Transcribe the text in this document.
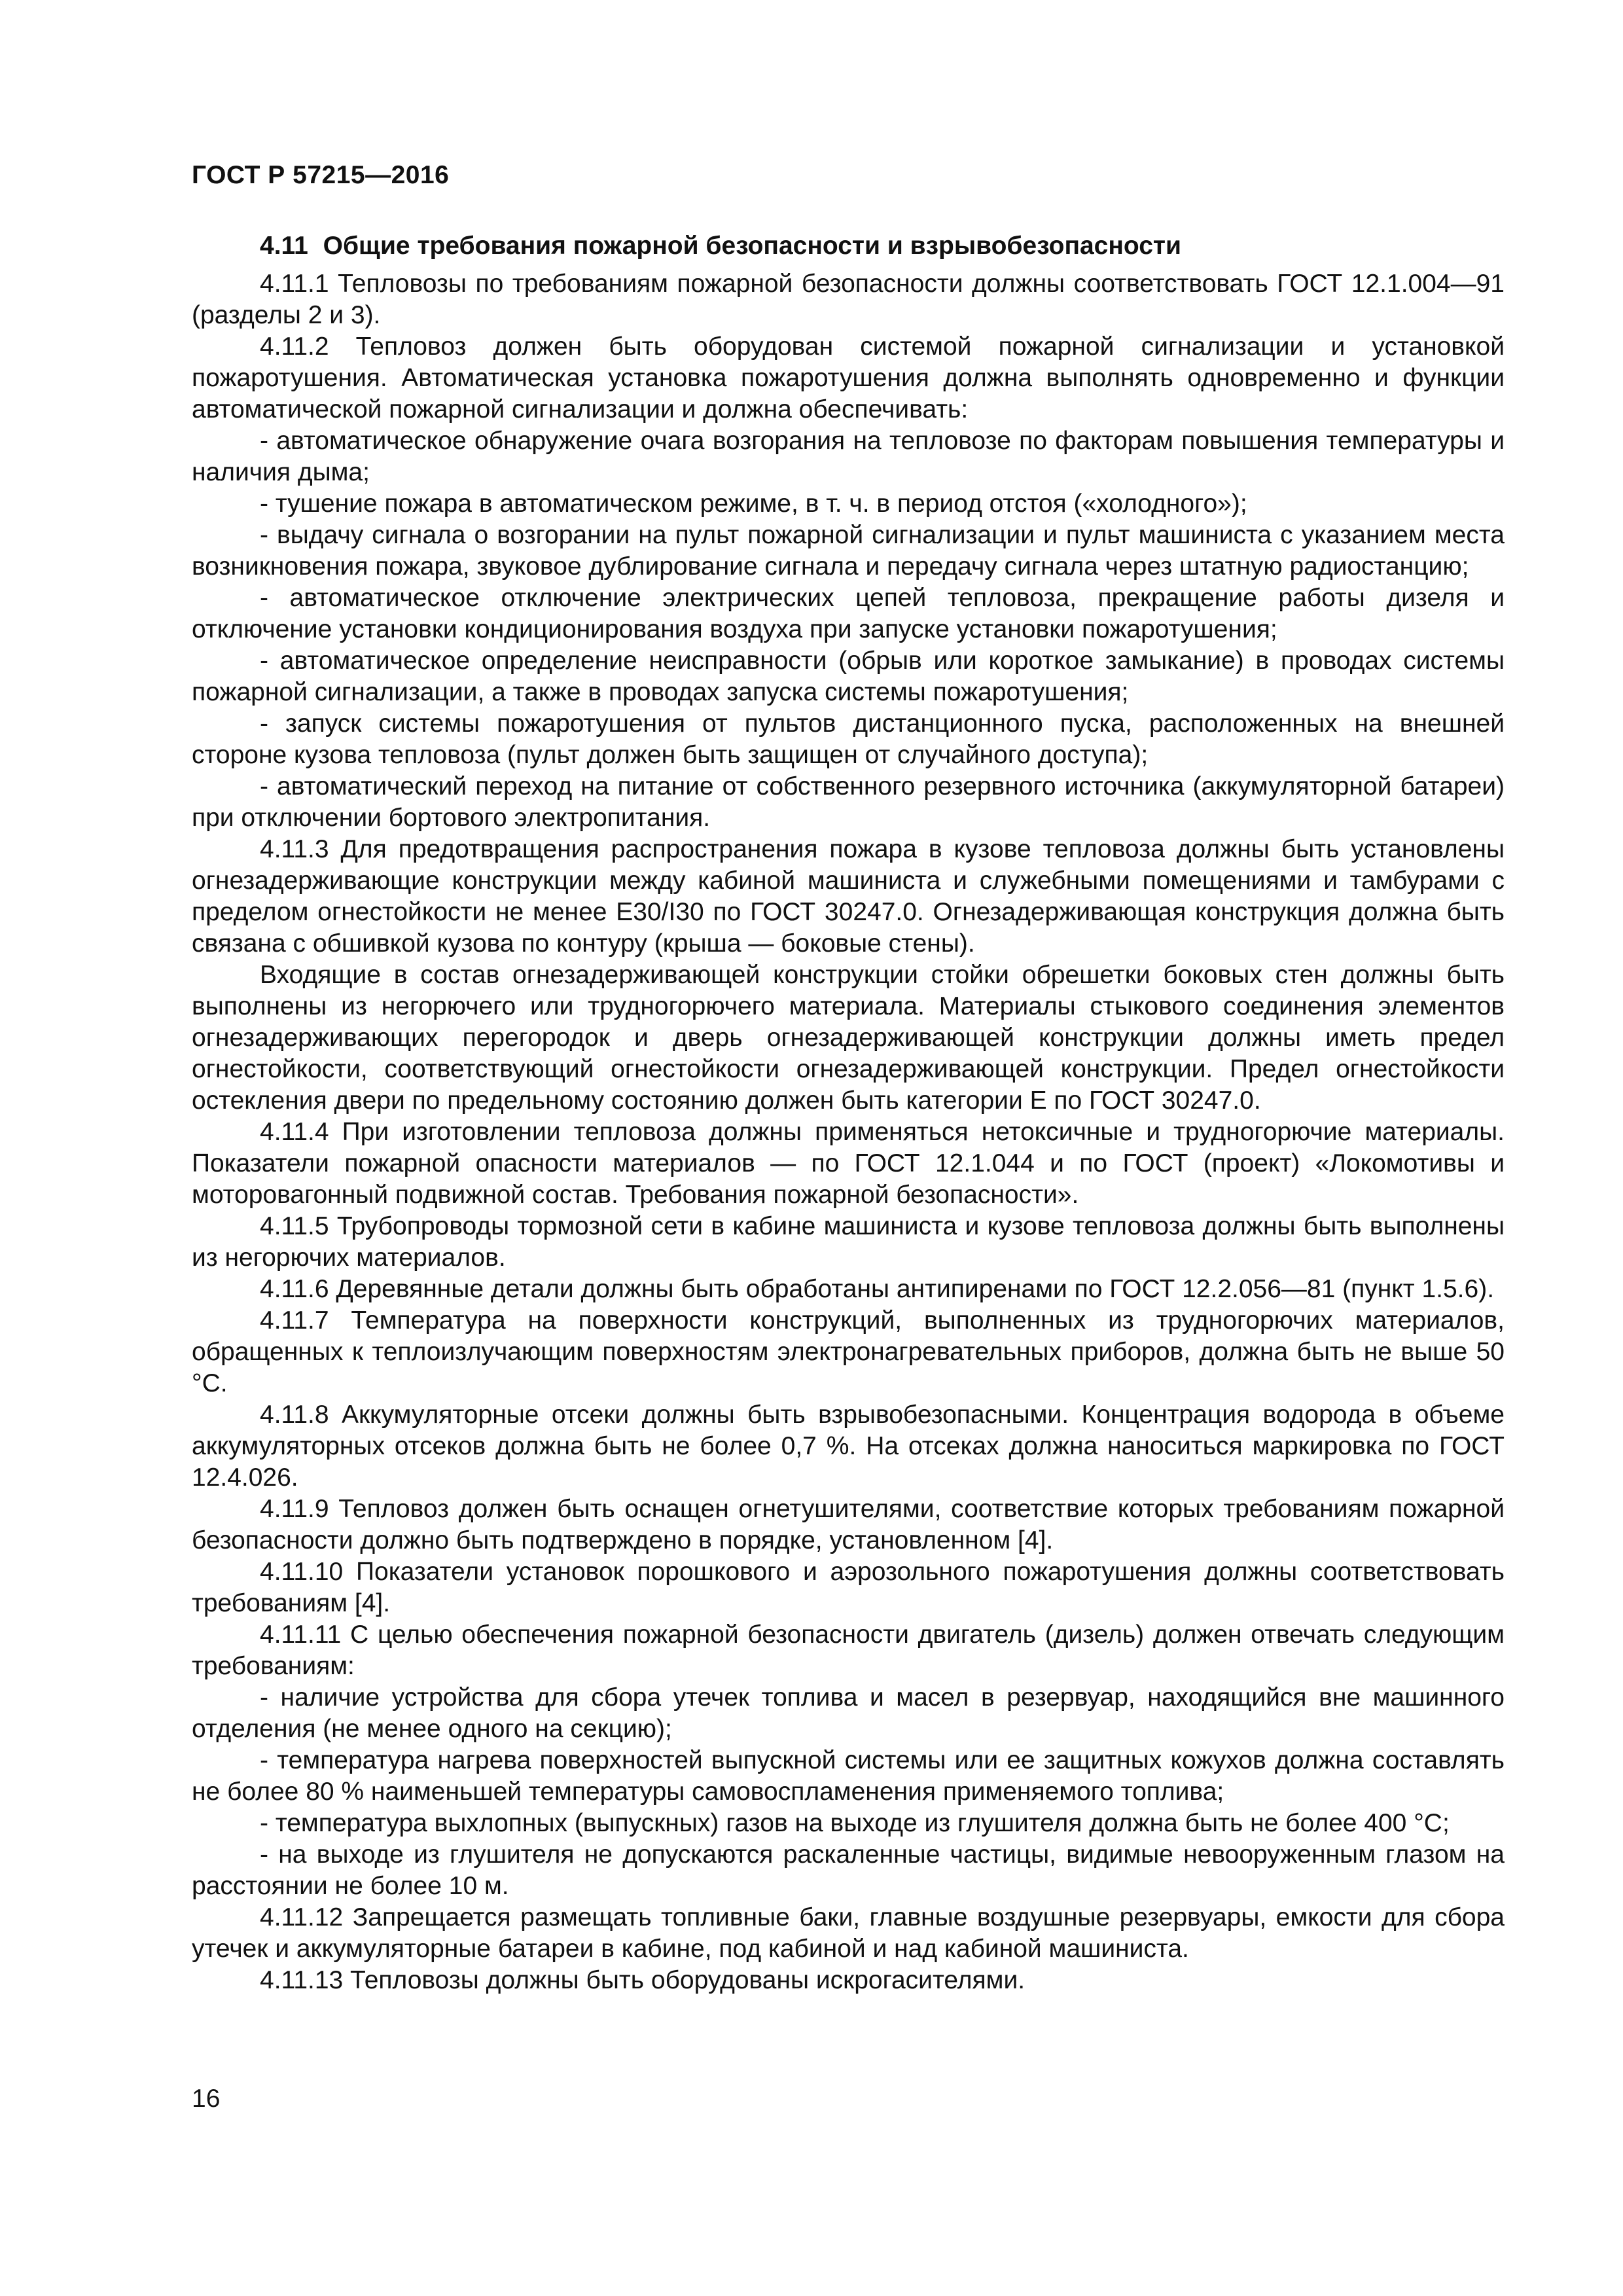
ГОСТ Р 57215—2016
4.11 Общие требования пожарной безопасности и взрывобезопасности

4.11.1 Тепловозы по требованиям пожарной безопасности должны соответствовать ГОСТ 12.1.004—91 (разделы 2 и 3).

4.11.2 Тепловоз должен быть оборудован системой пожарной сигнализации и установкой пожаротушения. Автоматическая установка пожаротушения должна выполнять одновременно и функции автоматической пожарной сигнализации и должна обеспечивать:

- автоматическое обнаружение очага возгорания на тепловозе по факторам повышения температуры и наличия дыма;

- тушение пожара в автоматическом режиме, в т. ч. в период отстоя («холодного»);

- выдачу сигнала о возгорании на пульт пожарной сигнализации и пульт машиниста с указанием места возникновения пожара, звуковое дублирование сигнала и передачу сигнала через штатную радиостанцию;

- автоматическое отключение электрических цепей тепловоза, прекращение работы дизеля и отключение установки кондиционирования воздуха при запуске установки пожаротушения;

- автоматическое определение неисправности (обрыв или короткое замыкание) в проводах системы пожарной сигнализации, а также в проводах запуска системы пожаротушения;

- запуск системы пожаротушения от пультов дистанционного пуска, расположенных на внешней стороне кузова тепловоза (пульт должен быть защищен от случайного доступа);

- автоматический переход на питание от собственного резервного источника (аккумуляторной батареи) при отключении бортового электропитания.

4.11.3 Для предотвращения распространения пожара в кузове тепловоза должны быть установлены огнезадерживающие конструкции между кабиной машиниста и служебными помещениями и тамбурами с пределом огнестойкости не менее E30/I30 по ГОСТ 30247.0. Огнезадерживающая конструкция должна быть связана с обшивкой кузова по контуру (крыша — боковые стены).

Входящие в состав огнезадерживающей конструкции стойки обрешетки боковых стен должны быть выполнены из негорючего или трудногорючего материала. Материалы стыкового соединения элементов огнезадерживающих перегородок и дверь огнезадерживающей конструкции должны иметь предел огнестойкости, соответствующий огнестойкости огнезадерживающей конструкции. Предел огнестойкости остекления двери по предельному состоянию должен быть категории E по ГОСТ 30247.0.

4.11.4 При изготовлении тепловоза должны применяться нетоксичные и трудногорючие материалы. Показатели пожарной опасности материалов — по ГОСТ 12.1.044 и по ГОСТ (проект) «Локомотивы и моторовагонный подвижной состав. Требования пожарной безопасности».

4.11.5 Трубопроводы тормозной сети в кабине машиниста и кузове тепловоза должны быть выполнены из негорючих материалов.

4.11.6 Деревянные детали должны быть обработаны антипиренами по ГОСТ 12.2.056—81 (пункт 1.5.6).

4.11.7 Температура на поверхности конструкций, выполненных из трудногорючих материалов, обращенных к теплоизлучающим поверхностям электронагревательных приборов, должна быть не выше 50 °С.

4.11.8 Аккумуляторные отсеки должны быть взрывобезопасными. Концентрация водорода в объеме аккумуляторных отсеков должна быть не более 0,7 %. На отсеках должна наноситься маркировка по ГОСТ 12.4.026.

4.11.9 Тепловоз должен быть оснащен огнетушителями, соответствие которых требованиям пожарной безопасности должно быть подтверждено в порядке, установленном [4].

4.11.10 Показатели установок порошкового и аэрозольного пожаротушения должны соответствовать требованиям [4].

4.11.11 С целью обеспечения пожарной безопасности двигатель (дизель) должен отвечать следующим требованиям:

- наличие устройства для сбора утечек топлива и масел в резервуар, находящийся вне машинного отделения (не менее одного на секцию);

- температура нагрева поверхностей выпускной системы или ее защитных кожухов должна составлять не более 80 % наименьшей температуры самовоспламенения применяемого топлива;

- температура выхлопных (выпускных) газов на выходе из глушителя должна быть не более 400 °С;

- на выходе из глушителя не допускаются раскаленные частицы, видимые невооруженным глазом на расстоянии не более 10 м.

4.11.12 Запрещается размещать топливные баки, главные воздушные резервуары, емкости для сбора утечек и аккумуляторные батареи в кабине, под кабиной и над кабиной машиниста.

4.11.13 Тепловозы должны быть оборудованы искрогасителями.

16
